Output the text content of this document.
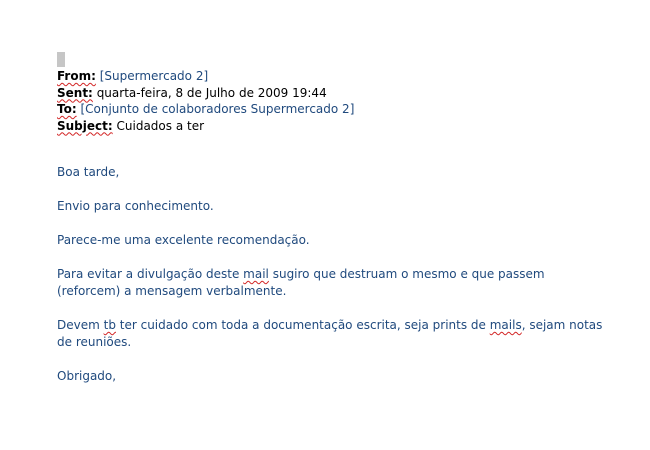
From: [Supermercado 2]
Sent: quarta-feira, 8 de Julho de 2009 19:44
To: [Conjunto de colaboradores Supermercado 2]
Subject: Cuidados a ter

Boa tarde,

Envio para conhecimento.

Parece-me uma excelente recomendação.

Para evitar a divulgação deste mail sugiro que destruam o mesmo e que passem (reforcem) a mensagem verbalmente.

Devem tb ter cuidado com toda a documentação escrita, seja prints de mails, sejam notas de reuniões.

Obrigado,
